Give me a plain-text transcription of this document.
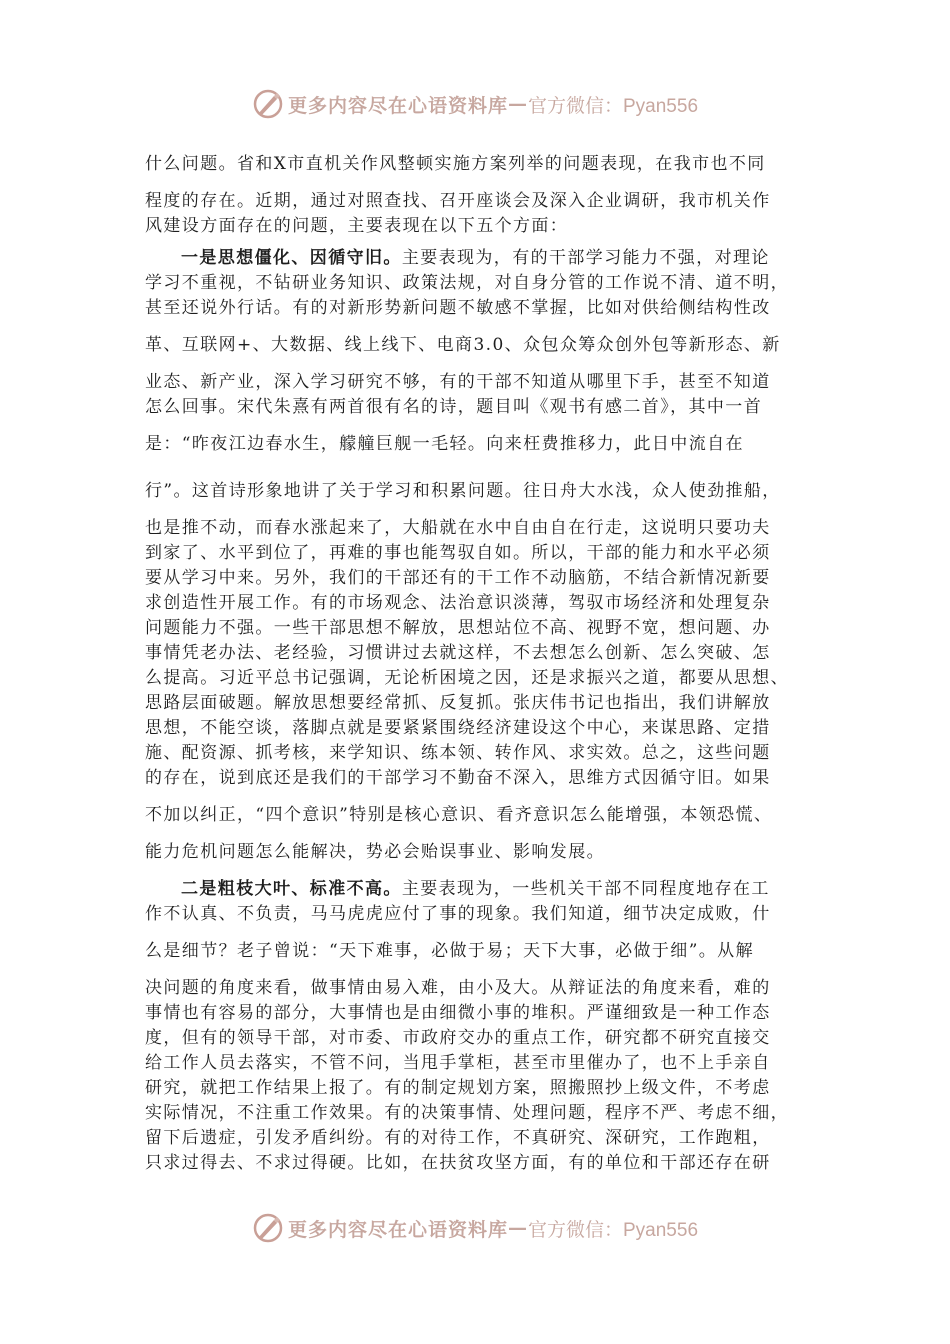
更多内容尽在心语资料库 — 官方微信：Pyan556
什么问题。省和X市直机关作风整顿实施方案列举的问题表现，在我市也不同
程度的存在。近期，通过对照查找、召开座谈会及深入企业调研，我市机关作
风建设方面存在的问题，主要表现在以下五个方面：
一是思想僵化、因循守旧。主要表现为，有的干部学习能力不强，对理论
学习不重视，不钻研业务知识、政策法规，对自身分管的工作说不清、道不明，
甚至还说外行话。有的对新形势新问题不敏感不掌握，比如对供给侧结构性改
革、互联网+、大数据、线上线下、电商3.0、众包众筹众创外包等新形态、新
业态、新产业，深入学习研究不够，有的干部不知道从哪里下手，甚至不知道
怎么回事。宋代朱熹有两首很有名的诗，题目叫《观书有感二首》，其中一首
是：“昨夜江边春水生，艨艟巨舰一毛轻。向来枉费推移力，此日中流自在
行”。这首诗形象地讲了关于学习和积累问题。往日舟大水浅，众人使劲推船，
也是推不动，而春水涨起来了，大船就在水中自由自在行走，这说明只要功夫
到家了、水平到位了，再难的事也能驾驭自如。所以，干部的能力和水平必须
要从学习中来。另外，我们的干部还有的干工作不动脑筋，不结合新情况新要
求创造性开展工作。有的市场观念、法治意识淡薄，驾驭市场经济和处理复杂
问题能力不强。一些干部思想不解放，思想站位不高、视野不宽，想问题、办
事情凭老办法、老经验，习惯讲过去就这样，不去想怎么创新、怎么突破、怎
么提高。习近平总书记强调，无论析困境之因，还是求振兴之道，都要从思想、
思路层面破题。解放思想要经常抓、反复抓。张庆伟书记也指出，我们讲解放
思想，不能空谈，落脚点就是要紧紧围绕经济建设这个中心，来谋思路、定措
施、配资源、抓考核，来学知识、练本领、转作风、求实效。总之，这些问题
的存在，说到底还是我们的干部学习不勤奋不深入，思维方式因循守旧。如果
不加以纠正，“四个意识”特别是核心意识、看齐意识怎么能增强，本领恐慌、
能力危机问题怎么能解决，势必会贻误事业、影响发展。
二是粗枝大叶、标准不高。主要表现为，一些机关干部不同程度地存在工
作不认真、不负责，马马虎虎应付了事的现象。我们知道，细节决定成败，什
么是细节？老子曾说：“天下难事，必做于易；天下大事，必做于细”。从解
决问题的角度来看，做事情由易入难，由小及大。从辩证法的角度来看，难的
事情也有容易的部分，大事情也是由细微小事的堆积。严谨细致是一种工作态
度，但有的领导干部，对市委、市政府交办的重点工作，研究都不研究直接交
给工作人员去落实，不管不问，当甩手掌柜，甚至市里催办了，也不上手亲自
研究，就把工作结果上报了。有的制定规划方案，照搬照抄上级文件，不考虑
实际情况，不注重工作效果。有的决策事情、处理问题，程序不严、考虑不细，
留下后遗症，引发矛盾纠纷。有的对待工作，不真研究、深研究，工作跑粗，
只求过得去、不求过得硬。比如，在扶贫攻坚方面，有的单位和干部还存在研
更多内容尽在心语资料库 — 官方微信：Pyan556
